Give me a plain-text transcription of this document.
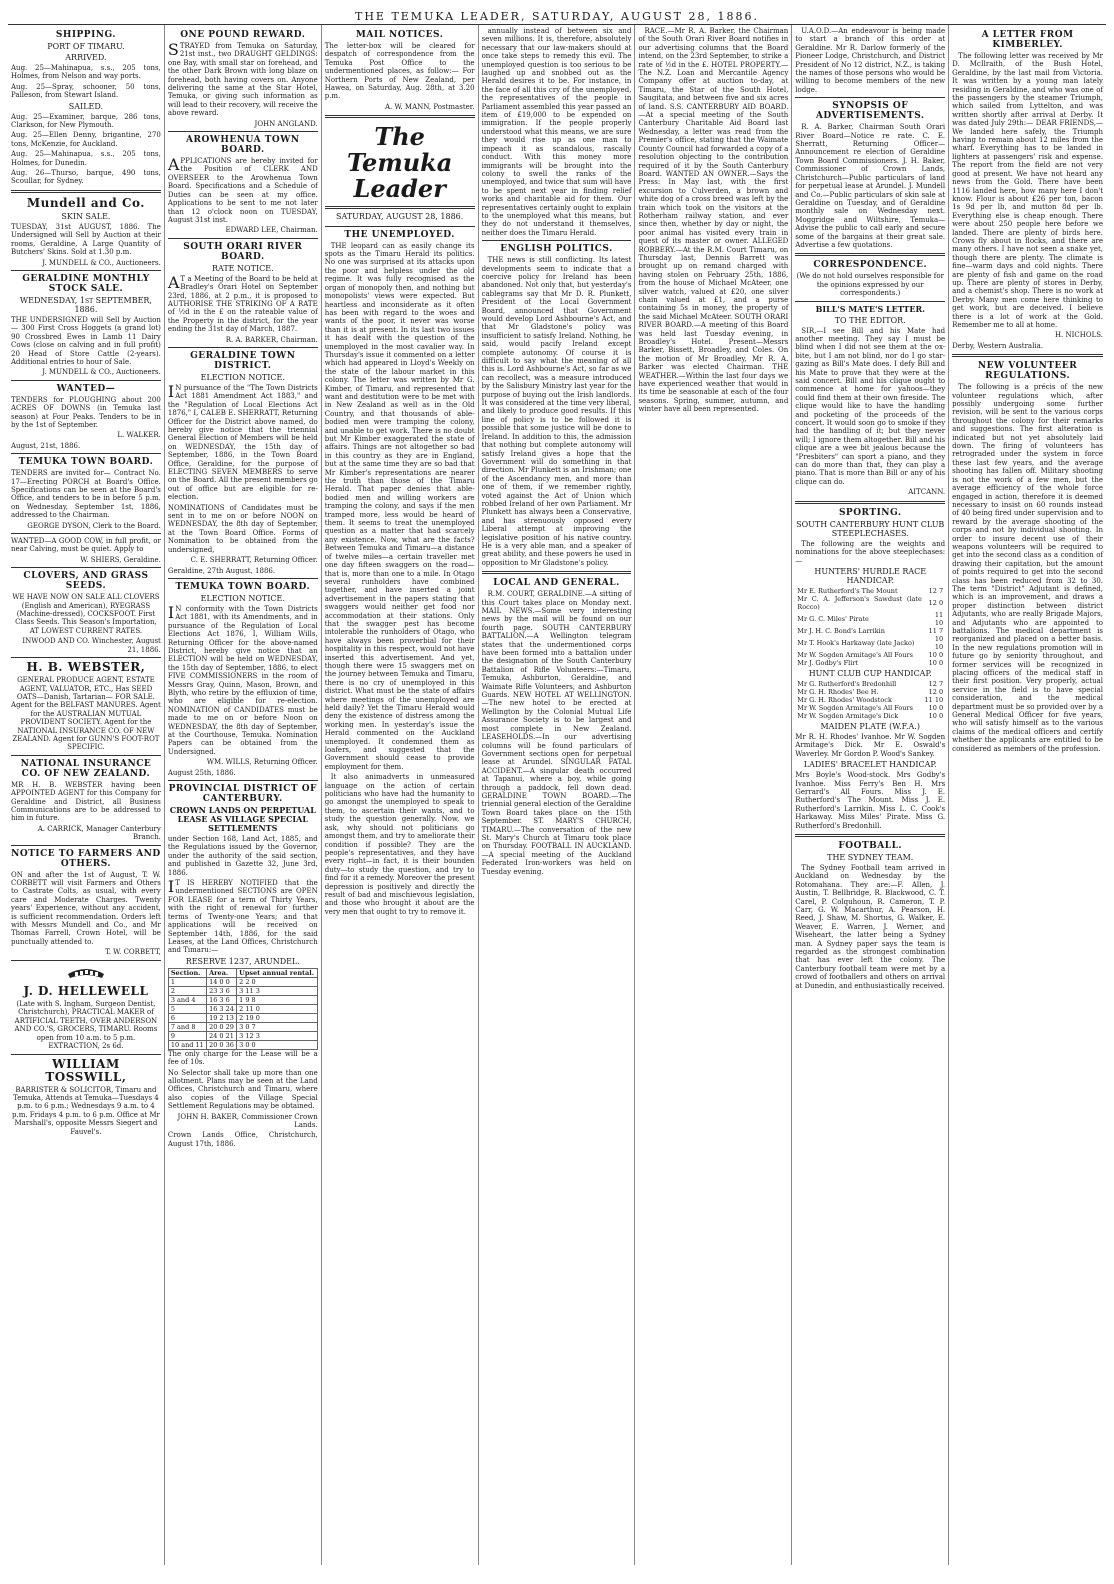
THE TEMUKA LEADER, SATURDAY, AUGUST 28, 1886.
SHIPPING.
PORT OF TIMARU.
ARRIVED.
Aug. 25—Mahinapua, s.s., 205 tons, Holmes, from Nelson and way ports.
Aug. 25—Spray, schooner, 50 tons, Palleson, from Stewart Island.
SAILED.
Aug. 25—Examiner, barque, 286 tons, Clarkson, for New Plymouth.
Aug. 25—Ellen Denny, brigantine, 270 tons, McKenzie, for Auckland.
Aug. 25—Mahinapua, s.s., 205 tons, Holmes, for Dunedin.
Aug. 26—Thurso, barque, 490 tons, Scoullar, for Sydney.
Mundell and Co.
SKIN SALE.
TUESDAY, 31st AUGUST, 1886. The Undersigned will Sell by Auction at their rooms, Geraldine, A Large Quantity of Butchers' Skins. Sold at 1.30 p.m.
J. MUNDELL & CO., Auctioneers.
GERALDINE MONTHLY STOCK SALE.
WEDNESDAY, 1st SEPTEMBER, 1886.
THE UNDERSIGNED will Sell by Auction— 300 First Cross Hoggets (a grand lot) 90 Crossbred Ewes in Lamb 11 Dairy Cows (close on calving and in full profit) 20 Head of Store Cattle (2-years). Additional entries to hour of Sale.
J. MUNDELL & CO., Auctioneers.
WANTED—
TENDERS for PLOUGHING about 200 ACRES OF DOWNS (in Temuka last season) at Four Peaks. Tenders to be in by the 1st of September.
L. WALKER.
August, 21st, 1886.
TEMUKA TOWN BOARD.
TENDERS are invited for— Contract No. 17—Erecting PORCH at Board's Office. Specifications can be seen at the Board's Office, and tenders to be in before 5 p.m. on Wednesday, September 1st, 1886, addressed to the Chairman.
GEORGE DYSON, Clerk to the Board.
WANTED—A GOOD COW, in full profit, or near Calving, must be quiet. Apply to
W. SHIERS, Geraldine.
CLOVERS, AND GRASS SEEDS.
WE HAVE NOW ON SALE ALL CLOVERS (English and American), RYEGRASS (Machine-dressed), COCKSFOOT. First Class Seeds. This Season's Importation, AT LOWEST CURRENT RATES.
INWOOD AND CO. Winchester, August 21, 1886.
H. B. WEBSTER,
GENERAL PRODUCE AGENT, ESTATE AGENT, VALUATOR, ETC., Has SEED OATS—Danish, Tartarian— FOR SALE. Agent for the BELFAST MANURES. Agent for the AUSTRALIAN MUTUAL PROVIDENT SOCIETY. Agent for the NATIONAL INSURANCE CO. OF NEW ZEALAND. Agent for GUNN'S FOOT-ROT SPECIFIC.
NATIONAL INSURANCE CO. OF NEW ZEALAND.
MR H. B. WEBSTER having been APPOINTED AGENT for this Company for Geraldine and District, all Business Communications are to be addressed to him in future.
A. CARRICK, Manager Canterbury Branch.
NOTICE TO FARMERS AND OTHERS.
ON and after the 1st of August, T. W. CORBETT will visit Farmers and Others to Castrate Colts, as usual, with every care and Moderate Charges. Twenty years' Experience, without any accident, is sufficient recommendation. Orders left with Messrs Mundell and Co., and Mr Thomas Farrell, Crown Hotel, will be punctually attended to.
T. W. CORBETT,
J. D. HELLEWELL
(Late with S. Ingham, Surgeon Dentist, Christchurch), PRACTICAL MAKER of ARTIFICIAL TEETH, OVER ANDERSON AND CO.'S, GROCERS, TIMARU. Rooms open from 10 a.m. to 5 p.m. EXTRACTION, 2s 6d.
WILLIAM TOSSWILL,
BARRISTER & SOLICITOR, Timaru and Temuka, Attends at Temuka—Tuesdays 4 p.m. to 6 p.m.; Wednesdays 9 a.m. to 4 p.m. Fridays 4 p.m. to 6 p.m. Office at Mr Marshall's, opposite Messrs Siegert and Fauvel's.
ONE POUND REWARD.
STRAYED from Temuka on Saturday, 21st inst., two DRAUGHT GELDINGS: one Bay, with small star on forehead, and the other Dark Brown with long blaze on forehead, both having covers on. Anyone delivering the same at the Star Hotel, Temuka, or giving such information as will lead to their recovery, will receive the above reward.
JOHN ANGLAND.
AROWHENUA TOWN BOARD.
APPLICATIONS are hereby invited for the Position of CLERK AND OVERSEER to the Arowhenua Town Board. Specifications and a Schedule of Duties can be seen at my office. Applications to be sent to me not later than 12 o'clock noon on TUESDAY, August 31st inst.
EDWARD LEE, Chairman.
SOUTH ORARI RIVER BOARD.
RATE NOTICE.
AT a Meeting of the Board to be held at Bradley's Orari Hotel on September 23rd, 1886, at 2 p.m., it is proposed to AUTHORISE THE STRIKING OF A RATE of ½d in the £ on the rateable value of the Property in the district, for the year ending the 31st day of March, 1887.
R. A. BARKER, Chairman.
GERALDINE TOWN DISTRICT.
ELECTION NOTICE.
IN pursuance of the "The Town Districts Act 1881 Amendment Act 1883," and the "Regulation of Local Elections Act 1876," I, CALEB E. SHERRATT, Returning Officer for the District above named, do hereby give notice that the triennial General Election of Members will be held on WEDNESDAY, the 15th day of September, 1886, in the Town Board Office, Geraldine, for the purpose of ELECTING SEVEN MEMBERS to serve on the Board. All the present members go out of office but are eligible for re-election.
NOMINATIONS of Candidates must be sent in to me on or before NOON on WEDNESDAY, the 8th day of September, at the Town Board Office. Forms of Nomination to be obtained from the undersigned,
C. E. SHERRATT, Returning Officer.
Geraldine, 27th August, 1886.
TEMUKA TOWN BOARD.
ELECTION NOTICE.
IN conformity with the Town Districts Act 1881, with its Amendments, and in pursuance of the Regulation of Local Elections Act 1876, I, William Wills, Returning Officer for the above-named District, hereby give notice that an ELECTION will be held on WEDNESDAY, the 15th day of September, 1886, to elect FIVE COMMISSIONERS in the room of Messrs Gray, Quinn, Mason, Brown, and Blyth, who retire by the effluxion of time, who are eligible for re-election. NOMINATION of CANDIDATES must be made to me on or before Noon on WEDNESDAY, the 8th day of September, at the Courthouse, Temuka. Nomination Papers can be obtained from the Undersigned.
WM. WILLS, Returning Officer.
August 25th, 1886.
PROVINCIAL DISTRICT OF CANTERBURY.
CROWN LANDS ON PERPETUAL LEASE AS VILLAGE SPECIAL SETTLEMENTS
under Section 168, Land Act, 1885, and the Regulations issued by the Governor, under the authority of the said section, and published in Gazette 32, June 3rd, 1886.
IT IS HEREBY NOTIFIED that the undermentioned SECTIONS are OPEN FOR LEASE for a term of Thirty Years, with the right of renewal for further terms of Twenty-one Years; and that applications will be received on September 14th, 1886, for the said Leases, at the Land Offices, Christchurch and Timaru:—
RESERVE 1237, ARUNDEL.
Section.	Area.	Upset annual rental.
1	14 0 0	2 2 0
2	23 3 6	3 11 3
3 and 4	16 3 6	1 9 8
5	16 3 24	2 11 0
6	19 2 13	2 19 0
7 and 8	20 0 29	3 0 7
9	24 0 21	3 12 3
10 and 11	20 0 36	3 0 0
The only charge for the Lease will be a fee of 10s.
No Selector shall take up more than one allotment. Plans may be seen at the Land Offices, Christchurch and Timaru, where also copies of the Village Special Settlement Regulations may be obtained.
JOHN H. BAKER, Commissioner Crown Lands.
Crown Lands Office, Christchurch, August 17th, 1886.
MAIL NOTICES.
The letter-box will be cleared for despatch of correspondence from the Temuka Post Office to the undermentioned places, as follow:— For Northern Ports of New Zealand, per Hawea, on Saturday, Aug. 28th, at 3.20 p.m.
A. W. MANN, Postmaster.
The Temuka Leader
SATURDAY, AUGUST 28, 1886.
THE UNEMPLOYED.
THE leopard can as easily change its spots as the Timaru Herald its politics. No one was surprised at its attacks upon the poor and helpless under the old regime. It was fully recognised as the organ of monopoly then, and nothing but monopolists' views were expected. But heartless and inconsiderate as it often has been with regard to the woes and wants of the poor, it never was worse than it is at present. In its last two issues it has dealt with the question of the unemployed in the most cavalier way. In Thursday's issue it commented on a letter which had appeared in Lloyd's Weekly on the state of the labour market in this colony. The letter was written by Mr G. Kimber, of Timaru, and represented that want and destitution were to be met with in New Zealand as well as in the Old Country, and that thousands of able-bodied men were tramping the colony, and unable to get work. There is no doubt but Mr Kimber exaggerated the state of affairs. Things are not altogether so bad in this country as they are in England, but at the same time they are so bad that Mr Kimber's representations are nearer the truth than those of the Timaru Herald. That paper denies that able-bodied men and willing workers are tramping the colony, and says if the men tramped more, less would be heard of them. It seems to treat the unemployed question as a matter that had scarcely any existence. Now, what are the facts? Between Temuka and Timaru—a distance of twelve miles—a certain traveller met one day fifteen swaggers on the road—that is, more than one to a mile. In Otago several runholders have combined together, and have inserted a joint advertisement in the papers stating that swaggers would neither get food nor accommodation at their stations. Only that the swagger pest has become intolerable the runholders of Otago, who have always been proverbial for their hospitality in this respect, would not have inserted this advertisement. And yet, though there were 15 swaggers met on the journey between Temuka and Timaru, there is no cry of unemployed in this district. What must be the state of affairs where meetings of the unemployed are held daily? Yet the Timaru Herald would deny the existence of distress among the working men. In yesterday's issue the Herald commented on the Auckland unemployed. It condemned them as loafers, and suggested that the Government should cease to provide employment for them.
It also animadverts in unmeasured language on the action of certain politicians who have had the humanity to go amongst the unemployed to speak to them, to ascertain their wants, and to study the question generally. Now, we ask, why should not politicians go amongst them, and try to ameliorate their condition if possible? They are the people's representatives, and they have every right—in fact, it is their bounden duty—to study the question, and try to find for it a remedy. Moreover the present depression is positively and directly the result of bad and mischievous legislation, and those who brought it about are the very men that ought to try to remove it.
annually instead of between six and seven millions. It is, therefore, absolutely necessary that our law-makers should at once take steps to remedy this evil. The unemployed question is too serious to be laughed up and snobbed out as the Herald desires it to be. For instance, in the face of all this cry of the unemployed, the representatives of the people in Parliament assembled this year passed an item of £19,000 to be expended on immigration. If the people properly understood what this means, we are sure they would rise up as one man to impeach it as scandalous, rascally conduct. With this money more immigrants will be brought into the colony to swell the ranks of the unemployed, and twice that sum will have to be spent next year in finding relief works and charitable aid for them. Our representatives certainly ought to explain to the unemployed what this means, but they do not understand it themselves, neither does the Timaru Herald.
ENGLISH POLITICS.
THE news is still conflicting. Its latest developments seem to indicate that a coercive policy for Ireland has been abandoned. Not only that, but yesterday's cablegrams say that Mr D. R. Plunkett, President of the Local Government Board, announced that Government would develop Lord Ashbourne's Act, and that Mr Gladstone's policy was insufficient to satisfy Ireland. Nothing, he said, would pacify Ireland except complete autonomy. Of course it is difficult to say what the meaning of all this is. Lord Ashbourne's Act, so far as we can recollect, was a measure introduced by the Salisbury Ministry last year for the purpose of buying out the Irish landlords. It was considered at the time very liberal, and likely to produce good results. If this line of policy is to be followed it is possible that some justice will be done to Ireland. In addition to this, the admission that nothing but complete autonomy will satisfy Ireland gives a hope that the Government will do something in that direction. Mr Plunkett is an Irishman; one of the Ascendancy men, and more than one of them, if we remember rightly, voted against the Act of Union which robbed Ireland of her own Parliament. Mr Plunkett has always been a Conservative, and has strenuously opposed every Liberal attempt at improving the legislative position of his native country. He is a very able man, and a speaker of great ability, and these powers he used in opposition to Mr Gladstone's policy.
LOCAL AND GENERAL.
R.M. COURT, GERALDINE.—A sitting of this Court takes place on Monday next. MAIL NEWS.—Some very interesting news by the mail will be found on our fourth page. SOUTH CANTERBURY BATTALION.—A Wellington telegram states that the undermentioned corps have been formed into a battalion under the designation of the South Canterbury Battalion of Rifle Volunteers:—Timaru, Temuka, Ashburton, Geraldine, and Waimate Rifle Volunteers, and Ashburton Guards. NEW HOTEL AT WELLINGTON.—The new hotel to be erected at Wellington by the Colonial Mutual Life Assurance Society is to be largest and most complete in New Zealand. LEASEHOLDS.—In our advertising columns will be found particulars of Government sections open for perpetual lease at Arundel. SINGULAR FATAL ACCIDENT.—A singular death occurred at Tapanui, where a boy, while going through a paddock, fell down dead. GERALDINE TOWN BOARD.—The triennial general election of the Geraldine Town Board takes place on the 15th September. ST. MARY'S CHURCH, TIMARU.—The conversation of the new St. Mary's Church at Timaru took place on Thursday. FOOTBALL IN AUCKLAND.—A special meeting of the Auckland Federated Iron-workers was held on Tuesday evening.
RACE.—Mr R. A. Barker, the Chairman of the South Orari River Board notifies in our advertising columns that the Board intend, on the 23rd September, to strike a rate of ½d in the £. HOTEL PROPERTY.—The N.Z. Loan and Mercantile Agency Company offer at auction to-day, at Timaru, the Star of the South Hotel, Saugitata, and between five and six acres of land. S.S. CANTERBURY AID BOARD.—At a special meeting of the South Canterbury Charitable Aid Board last Wednesday, a letter was read from the Premier's office, stating that the Waimate County Council had forwarded a copy of a resolution objecting to the contribution required of it by the South Canterbury Board. WANTED AN OWNER.—Says the Press: In May last, with the first excursion to Culverden, a brown and white dog of a cross breed was left by the train which took on the visitors at the Rotherham railway station, and ever since then, whether by day or night, the poor animal has visited every train in quest of its master or owner. ALLEGED ROBBERY.—At the R.M. Court Timaru, on Thursday last, Dennis Barrett was brought up on remand charged with having stolen on February 25th, 1886, from the house of Michael McAteer, one silver watch, valued at £20, one silver chain valued at £1, and a purse containing 5s in money, the property of the said Michael McAteer. SOUTH ORARI RIVER BOARD.—A meeting of this Board was held last Tuesday evening, in Broadley's Hotel. Present—Messrs Barker, Bissett, Broadley, and Coles. On the motion of Mr Broadley, Mr R. A. Barker was elected Chairman. THE WEATHER.—Within the last four days we have experienced weather that would in its time be seasonable at each of the four seasons. Spring, summer, autumn, and winter have all been represented.
U.A.O.D.—An endeavour is being made to start a branch of this order at Geraldine. Mr R. Darlow formerly of the Pioneer Lodge, Christchurch, and District President of No 12 district, N.Z., is taking the names of those persons who would be willing to become members of the new lodge.
SYNOPSIS OF ADVERTISEMENTS.
R. A. Barker, Chairman South Orari River Board—Notice re rate. C. E. Sherratt, Returning Officer—Announcement re election of Geraldine Town Board Commissioners. J. H. Baker, Commissioner of Crown Lands, Christchurch—Public particulars of land for perpetual lease at Arundel. J. Mundell and Co.—Public particulars of skin sale at Geraldine on Tuesday, and of Geraldine monthly sale on Wednesday next. Moggridge and Wiltshire, Temuka—Advise the public to call early and secure some of the bargains at their great sale. Advertise a few quotations.
CORRESPONDENCE.
(We do not hold ourselves responsible for the opinions expressed by our correspondents.)
BILL'S MATE'S LETTER.
TO THE EDITOR.
SIR,—I see Bill and his Mate had another meeting. They say I must be blind when I did not see them at the ox-bite, but I am not blind, nor do I go star-gazing as Bill's Mate does. I defy Bill and his Mate to prove that they were at the said concert. Bill and his clique ought to commence at home for yahoos—they could find them at their own fireside. The clique would like to have the handling and pocketing of the proceeds of the concert. It would soon go to smoke if they had the handling of it; but they never will; I ignore them altogether. Bill and his clique are a wee bit jealous because the "Presbiters" can sport a piano, and they can do more than that, they can play a piano. That is more than Bill or any of his clique can do.
AITCANN.
SPORTING.
SOUTH CANTERBURY HUNT CLUB STEEPLECHASES.
The following are the weights and nominations for the above steeplechases:—
HUNTERS' HURDLE RACE HANDICAP.
Mr E. Rutherford's The Mount	12 7
Mr C. A. Jefferson's Sawdust (late Rocco)	12 0
Mr G. C. Miles' Pirate	11 10
Mr J. H. C. Bond's Larrikin	11 7
Mr T. Hook's Harkaway (late Jacko)	10 10
Mr W. Sogden Armitage's All Fours	10 0
Mr J. Godby's Flirt	10 0
HUNT CLUB CUP HANDICAP.
Mr G. Rutherford's Bredonhill	12 7
Mr G. H. Rhodes' Bee H.	12 0
Mr G. H. Rhodes' Woodstock	11 10
Mr W. Sogden Armitage's All Fours	10 0
Mr W. Sogden Armitage's Dick	10 0
MAIDEN PLATE (W.F.A.)
Mr R. H. Rhodes' Ivanhoe. Mr W. Sogden Armitage's Dick. Mr E. Oswald's Waverley. Mr Gordon P. Wood's Sankey.
LADIES' BRACELET HANDICAP.
Mrs Boyle's Wood-stock. Mrs Godby's Ivanhoe. Miss Ferry's Ben H. Mrs Gerrard's All Fours. Miss J. E. Rutherford's The Mount. Miss J. E. Rutherford's Larrikin. Miss L. C. Cook's Harkaway. Miss Miles' Pirate. Miss G. Rutherford's Bredonhill.
FOOTBALL.
THE SYDNEY TEAM.
The Sydney Football team arrived in Auckland on Wednesday by the Rotomahana. They are:—F. Allen, J. Austin, T. Bellbridge, R. Blackwood, C. T. Carel, P. Colquhoun, R. Cameron, T. P. Carr, G. W. Macarthur, A. Pearson, H. Reed, J. Shaw, M. Shortus, G. Walker, E. Weaver, E. Warren, J. Werner, and Wiseheart, the latter being a Sydney man. A Sydney paper says the team is regarded as the strongest combination that has ever left the colony. The Canterbury football team were met by a crowd of footballers and others on arrival at Dunedin, and enthusiastically received.
A LETTER FROM KIMBERLEY.
The following letter was received by Mr D. McIlraith, of the Bush Hotel, Geraldine, by the last mail from Victoria. It was written by a young man lately residing in Geraldine, and who was one of the passengers by the steamer Triumph, which sailed from Lyttelton, and was written shortly after arrival at Derby. It was dated July 29th:— DEAR FRIENDS,—We landed here safely, the Triumph having to remain about 12 miles from the wharf. Everything has to be landed in lighters at passengers' risk and expense. The report from the field are not very good at present. We have not heard any news from the Gold. There have been 1116 landed here, how many here I don't know. Flour is about £26 per ton, bacon 1s 9d per lb, and mutton 8d per lb. Everything else is cheap enough. There were about 250 people here before we landed. There are plenty of birds here. Crows fly about in flocks, and there are many others. I have not seen a snake yet, though there are plenty. The climate is fine—warm days and cold nights. There are plenty of fish and game on the road up. There are plenty of stores in Derby, and a chemist's shop. There is no work at Derby. Many men come here thinking to get work, but are deceived. I believe there is a lot of work at the Gold. Remember me to all at home.
H. NICHOLS.
Derby, Western Australia.
NEW VOLUNTEER REGULATIONS.
The following is a précis of the new volunteer regulations which, after possibly undergoing some further revision, will be sent to the various corps throughout the colony for their remarks and suggestions. The first alteration is indicated but not yet absolutely laid down. The firing of volunteers has retrograded under the system in force these last few years, and the average shooting has fallen off. Military shooting is not the work of a few men, but the average efficiency of the whole force engaged in action, therefore it is deemed necessary to insist on 60 rounds instead of 40 being fired under supervision and to reward by the average shooting of the corps and not by individual shooting. In order to insure decent use of their weapons volunteers will be required to get into the second class as a condition of drawing their capitation, but the amount of points required to get into the second class has been reduced from 32 to 30. The term "District" Adjutant is defined, which is an improvement, and draws a proper distinction between district Adjutants, who are really Brigade Majors, and Adjutants who are appointed to battalions. The medical department is reorganized and placed on a better basis. In the new regulations promotion will in future go by seniority throughout, and former services will be recognized in placing officers of the medical staff in their first position. Very properly, actual service in the field is to have special consideration, and the medical department must be so provided over by a General Medical Officer for five years, who will satisfy himself as to the various claims of the medical officers and certify whether the applicants are entitled to be considered as members of the profession.
